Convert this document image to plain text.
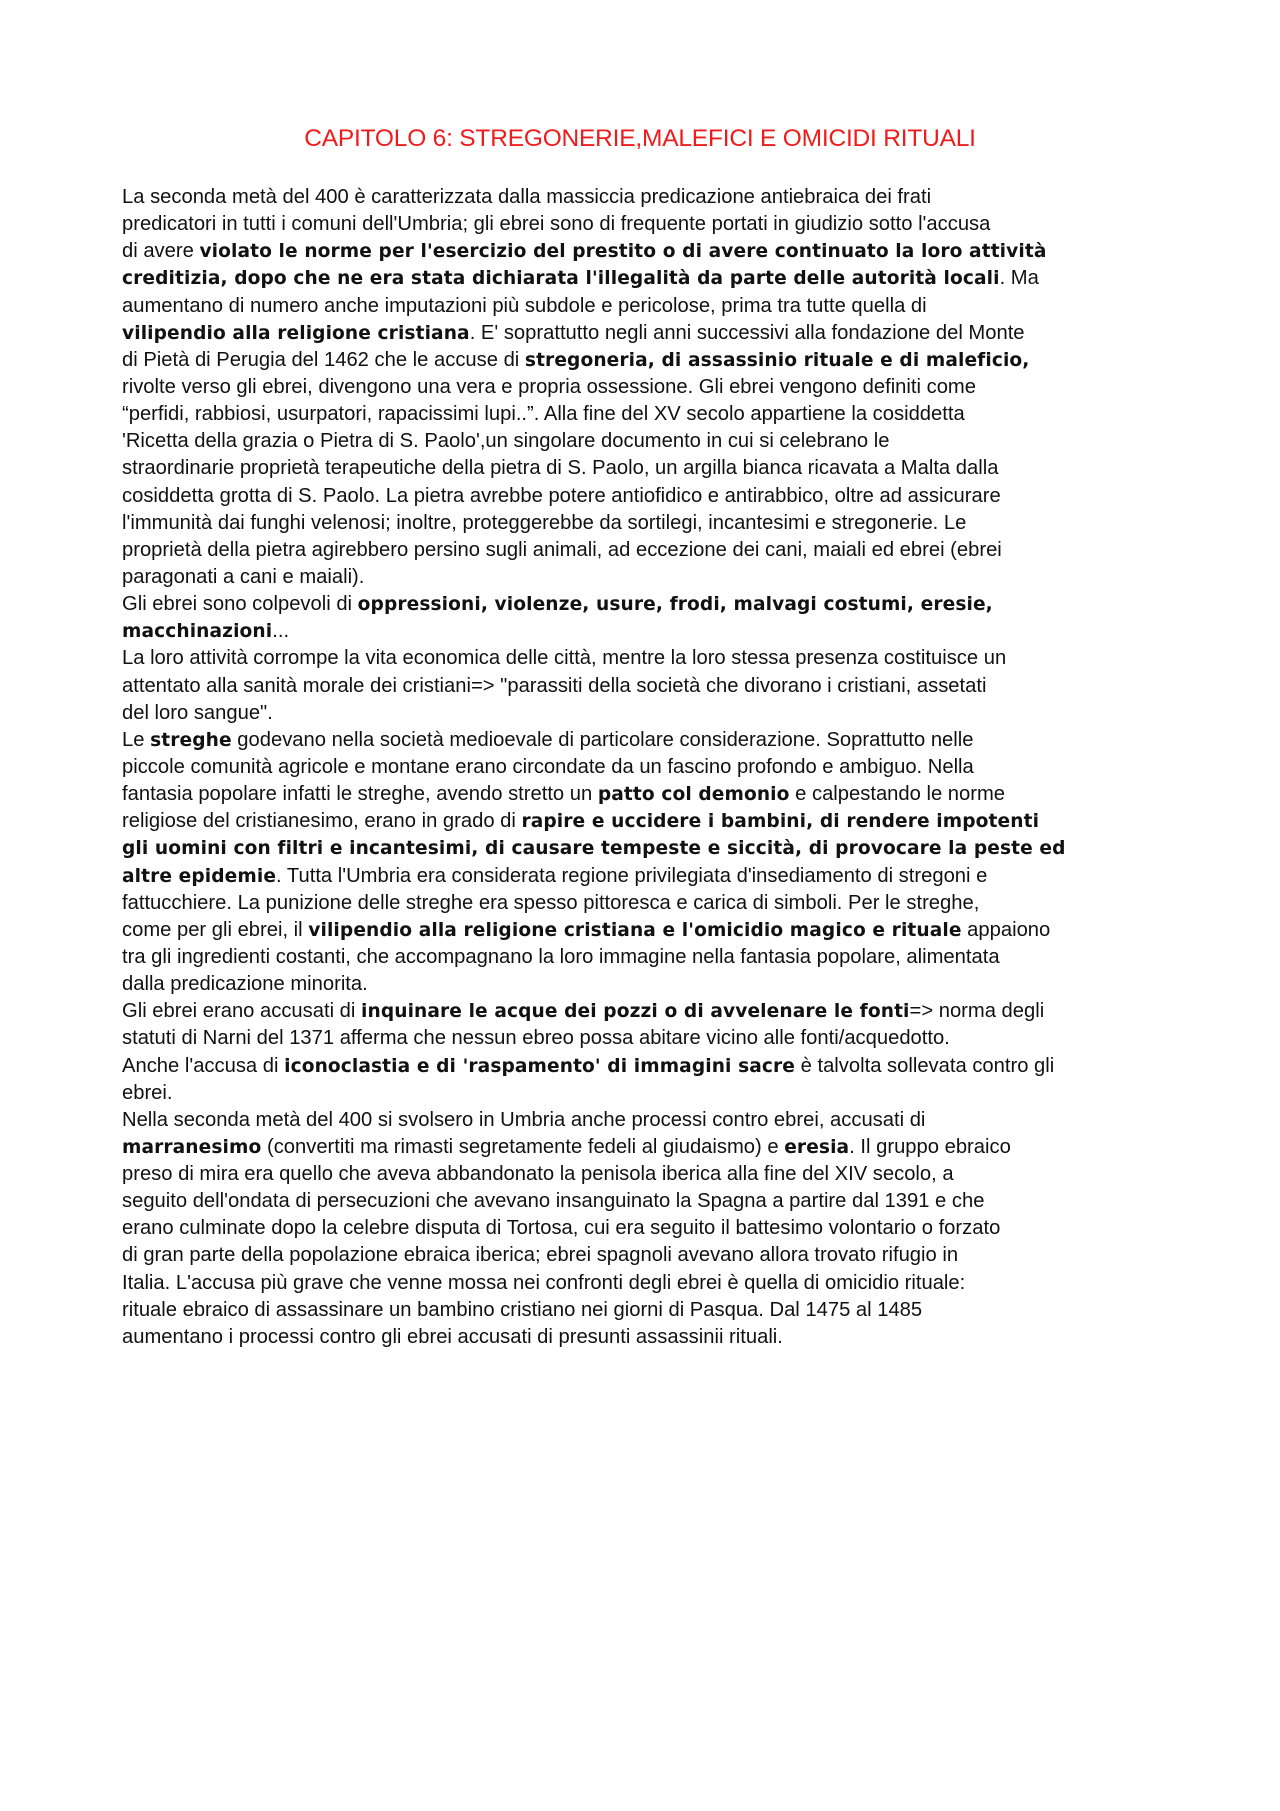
CAPITOLO 6: STREGONERIE,MALEFICI E OMICIDI RITUALI
La seconda metà del 400 è caratterizzata dalla massiccia predicazione antiebraica dei frati
predicatori in tutti i comuni dell'Umbria; gli ebrei sono di frequente portati in giudizio sotto l'accusa
di avere violato le norme per l'esercizio del prestito o di avere continuato la loro attività
creditizia, dopo che ne era stata dichiarata l'illegalità da parte delle autorità locali. Ma
aumentano di numero anche imputazioni più subdole e pericolose, prima tra tutte quella di
vilipendio alla religione cristiana. E' soprattutto negli anni successivi alla fondazione del Monte
di Pietà di Perugia del 1462 che le accuse di stregoneria, di assassinio rituale e di maleficio,
rivolte verso gli ebrei, divengono una vera e propria ossessione. Gli ebrei vengono definiti come
“perfidi, rabbiosi, usurpatori, rapacissimi lupi..”. Alla fine del XV secolo appartiene la cosiddetta
'Ricetta della grazia o Pietra di S. Paolo',un singolare documento in cui si celebrano le
straordinarie proprietà terapeutiche della pietra di S. Paolo, un argilla bianca ricavata a Malta dalla
cosiddetta grotta di S. Paolo. La pietra avrebbe potere antiofidico e antirabbico, oltre ad assicurare
l'immunità dai funghi velenosi; inoltre, proteggerebbe da sortilegi, incantesimi e stregonerie. Le
proprietà della pietra agirebbero persino sugli animali, ad eccezione dei cani, maiali ed ebrei (ebrei
paragonati a cani e maiali).
Gli ebrei sono colpevoli di oppressioni, violenze, usure, frodi, malvagi costumi, eresie,
macchinazioni...
La loro attività corrompe la vita economica delle città, mentre la loro stessa presenza costituisce un
attentato alla sanità morale dei cristiani=> "parassiti della società che divorano i cristiani, assetati
del loro sangue".
Le streghe godevano nella società medioevale di particolare considerazione. Soprattutto nelle
piccole comunità agricole e montane erano circondate da un fascino profondo e ambiguo. Nella
fantasia popolare infatti le streghe, avendo stretto un patto col demonio e calpestando le norme
religiose del cristianesimo, erano in grado di rapire e uccidere i bambini, di rendere impotenti
gli uomini con filtri e incantesimi, di causare tempeste e siccità, di provocare la peste ed
altre epidemie. Tutta l'Umbria era considerata regione privilegiata d'insediamento di stregoni e
fattucchiere. La punizione delle streghe era spesso pittoresca e carica di simboli. Per le streghe,
come per gli ebrei, il vilipendio alla religione cristiana e l'omicidio magico e rituale appaiono
tra gli ingredienti costanti, che accompagnano la loro immagine nella fantasia popolare, alimentata
dalla predicazione minorita.
Gli ebrei erano accusati di inquinare le acque dei pozzi o di avvelenare le fonti=> norma degli
statuti di Narni del 1371 afferma che nessun ebreo possa abitare vicino alle fonti/acquedotto.
Anche l'accusa di iconoclastia e di 'raspamento' di immagini sacre è talvolta sollevata contro gli
ebrei.
Nella seconda metà del 400 si svolsero in Umbria anche processi contro ebrei, accusati di
marranesimo (convertiti ma rimasti segretamente fedeli al giudaismo) e eresia. Il gruppo ebraico
preso di mira era quello che aveva abbandonato la penisola iberica alla fine del XIV secolo, a
seguito dell'ondata di persecuzioni che avevano insanguinato la Spagna a partire dal 1391 e che
erano culminate dopo la celebre disputa di Tortosa, cui era seguito il battesimo volontario o forzato
di gran parte della popolazione ebraica iberica; ebrei spagnoli avevano allora trovato rifugio in
Italia. L'accusa più grave che venne mossa nei confronti degli ebrei è quella di omicidio rituale:
rituale ebraico di assassinare un bambino cristiano nei giorni di Pasqua. Dal 1475 al 1485
aumentano i processi contro gli ebrei accusati di presunti assassinii rituali.
